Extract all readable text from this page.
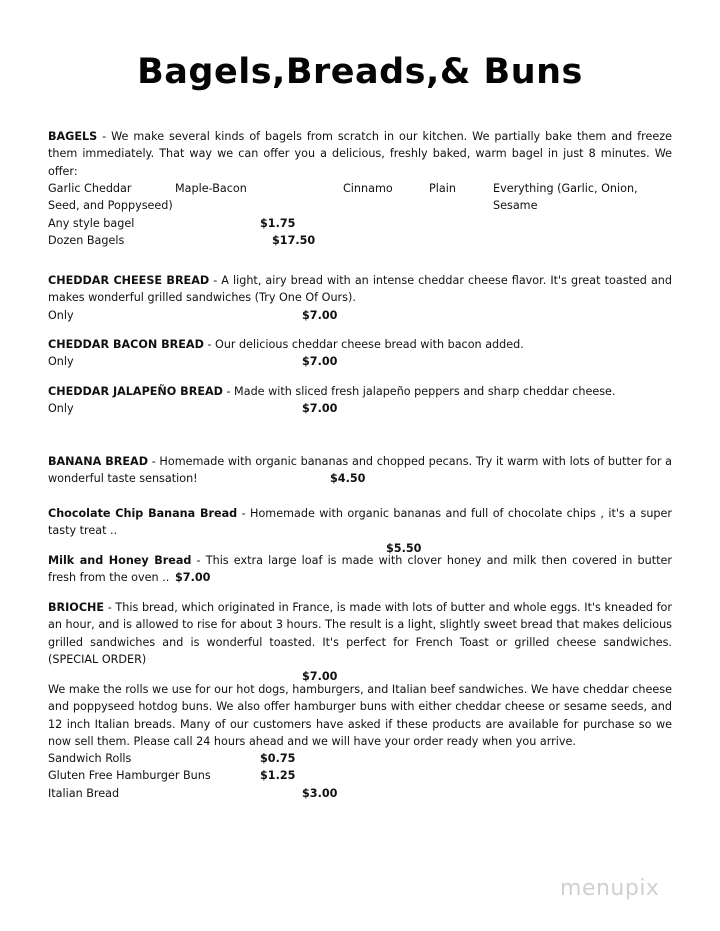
Bagels,Breads,& Buns

BAGELS - We make several kinds of bagels from scratch in our kitchen. We partially bake them and freeze them immediately. That way we can offer you a delicious, freshly baked, warm bagel in just 8 minutes. We offer:

Garlic Cheddar	Maple-Bacon	Cinnamo	Plain	Everything (Garlic, Onion, Sesame
Seed, and Poppyseed)
Any style bagel	$1.75
Dozen Bagels	$17.50

CHEDDAR CHEESE BREAD - A light, airy bread with an intense cheddar cheese flavor. It's great toasted and makes wonderful grilled sandwiches (Try One Of Ours).

Only	$7.00

CHEDDAR BACON BREAD - Our delicious cheddar cheese bread with bacon added.

Only	$7.00

CHEDDAR JALAPEÑO BREAD - Made with sliced fresh jalapeño peppers and sharp cheddar cheese.

Only	$7.00

BANANA BREAD - Homemade with organic bananas and chopped pecans. Try it warm with lots of butter for a wonderful taste sensation!	$4.50

Chocolate Chip Banana Bread - Homemade with organic bananas and full of chocolate chips , it's a super tasty treat ..

$5.50

Milk and Honey Bread - This extra large loaf is made with clover honey and milk then covered in butter fresh from the oven .. $7.00

BRIOCHE - This bread, which originated in France, is made with lots of butter and whole eggs. It's kneaded for an hour, and is allowed to rise for about 3 hours. The result is a light, slightly sweet bread that makes delicious grilled sandwiches and is wonderful toasted. It's perfect for French Toast or grilled cheese sandwiches.(SPECIAL ORDER)

$7.00

We make the rolls we use for our hot dogs, hamburgers, and Italian beef sandwiches. We have cheddar cheese and poppyseed hotdog buns. We also offer hamburger buns with either cheddar cheese or sesame seeds, and 12 inch Italian breads. Many of our customers have asked if these products are available for purchase so we now sell them. Please call 24 hours ahead and we will have your order ready when you arrive.

Sandwich Rolls	$0.75
Gluten Free Hamburger Buns	$1.25
Italian Bread	$3.00
menupix
